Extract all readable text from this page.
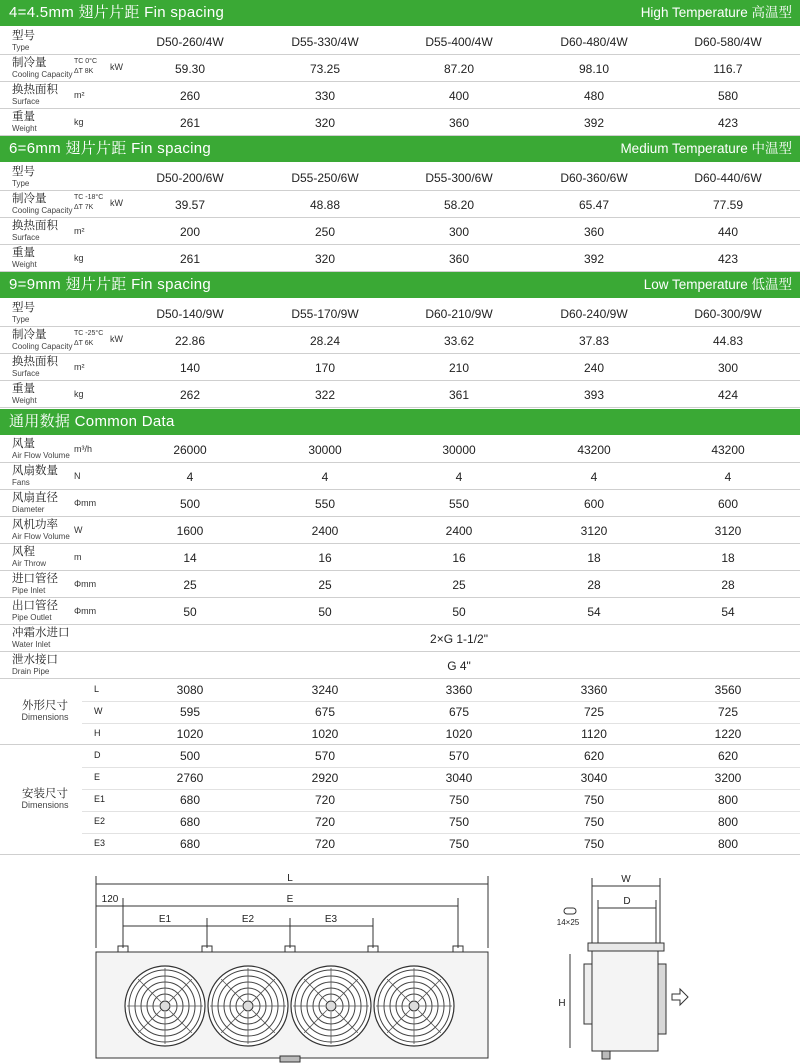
4=4.5mm 翅片片距 Fin spacing	High Temperature 高温型
型号
Type	D50-260/4W	D55-330/4W	D55-400/4W	D60-480/4W	D60-580/4W
制冷量
Cooling Capacity
TC 0°C
ΔT 8K kW	59.30	73.25	87.20	98.10	116.7
换热面积
Surface
m²	260	330	400	480	580
重量
Weight
kg	261	320	360	392	423
6=6mm 翅片片距 Fin spacing	Medium Temperature 中温型
型号
Type	D50-200/6W	D55-250/6W	D55-300/6W	D60-360/6W	D60-440/6W
制冷量
Cooling Capacity
TC -18°C
ΔT 7K kW	39.57	48.88	58.20	65.47	77.59
换热面积
Surface
m²	200	250	300	360	440
重量
Weight
kg	261	320	360	392	423
9=9mm 翅片片距 Fin spacing	Low Temperature 低温型
型号
Type	D50-140/9W	D55-170/9W	D60-210/9W	D60-240/9W	D60-300/9W
制冷量
Cooling Capacity
TC -25°C
ΔT 6K kW	22.86	28.24	33.62	37.83	44.83
换热面积
Surface
m²	140	170	210	240	300
重量
Weight
kg	262	322	361	393	424
通用数据 Common Data
风量
Air Flow Volume
m³/h	26000	30000	30000	43200	43200
风扇数量
Fans
N	4	4	4	4	4
风扇直径
Diameter
Φmm	500	550	550	600	600
风机功率
Air Flow Volume
W	1600	2400	2400	3120	3120
风程
Air Throw
m	14	16	16	18	18
进口管径
Pipe Inlet
Φmm	25	25	25	28	28
出口管径
Pipe Outlet
Φmm	50	50	50	54	54
冲霜水进口
Water Inlet	2×G 1-1/2"
泄水接口
Drain Pipe	G 4"
外形尺寸
Dimensions
L	3080	3240	3360	3360	3560
W	595	675	675	725	725
H	1020	1020	1020	1120	1220
安装尺寸
Dimensions
D	500	570	570	620	620
E	2760	2920	3040	3040	3200
E1	680	720	750	750	800
E2	680	720	750	750	800
E3	680	720	750	750	800
L
120	E
E1	E2	E3
W
D
14×25
H
